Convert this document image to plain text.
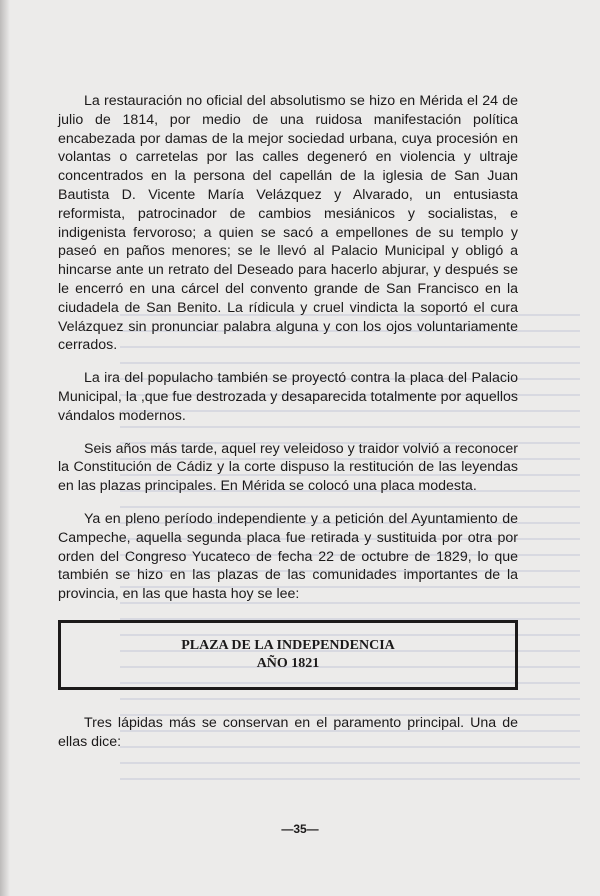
La restauración no oficial del absolutismo se hizo en Mérida el 24 de julio de 1814, por medio de una ruidosa manifestación política encabezada por damas de la mejor sociedad urbana, cuya procesión en volantas o carretelas por las calles degeneró en violencia y ultraje concentrados en la persona del capellán de la iglesia de San Juan Bautista D. Vicente María Velázquez y Alvarado, un entusiasta reformista, patrocinador de cambios mesiánicos y socialistas, e indigenista fervoroso; a quien se sacó a empellones de su templo y paseó en paños menores; se le llevó al Palacio Municipal y obligó a hincarse ante un retrato del Deseado para hacerlo abjurar, y después se le encerró en una cárcel del convento grande de San Francisco en la ciudadela de San Benito. La rídicula y cruel vindicta la soportó el cura Velázquez sin pronunciar palabra alguna y con los ojos voluntariamente cerrados.

La ira del populacho también se proyectó contra la placa del Palacio Municipal, la ,que fue destrozada y desaparecida totalmente por aquellos vándalos modernos.

Seis años más tarde, aquel rey veleidoso y traidor volvió a reconocer la Constitución de Cádiz y la corte dispuso la restitución de las leyendas en las plazas principales. En Mérida se colocó una placa modesta.

Ya en pleno período independiente y a petición del Ayuntamiento de Campeche, aquella segunda placa fue retirada y sustituida por otra por orden del Congreso Yucateco de fecha 22 de octubre de 1829, lo que también se hizo en las plazas de las comunidades importantes de la provincia, en las que hasta hoy se lee:

PLAZA DE LA INDEPENDENCIA
AÑO 1821

Tres lápidas más se conservan en el paramento principal. Una de ellas dice:

—35—
